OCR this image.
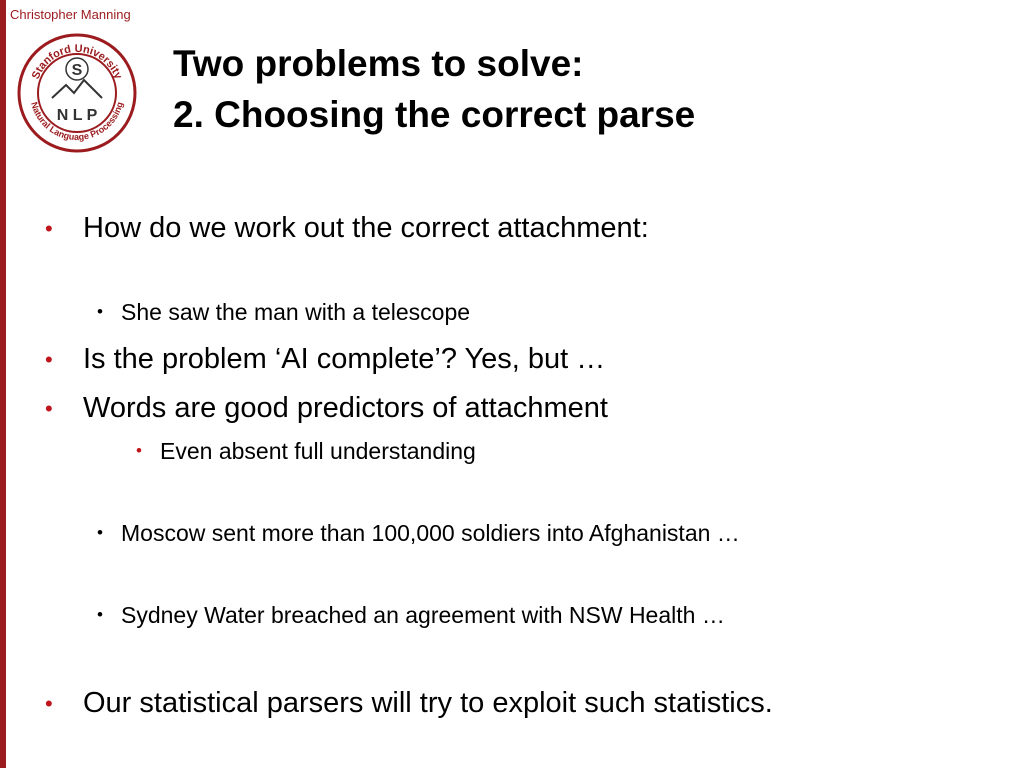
Christopher Manning
Stanford University
Natural Language Processing
S
N L P
Two problems to solve:
2. Choosing the correct parse
• How do we work out the correct attachment:
• She saw the man with a telescope
• Is the problem ‘AI complete’? Yes, but …
• Words are good predictors of attachment
• Even absent full understanding
• Moscow sent more than 100,000 soldiers into Afghanistan …
• Sydney Water breached an agreement with NSW Health …
• Our statistical parsers will try to exploit such statistics.
